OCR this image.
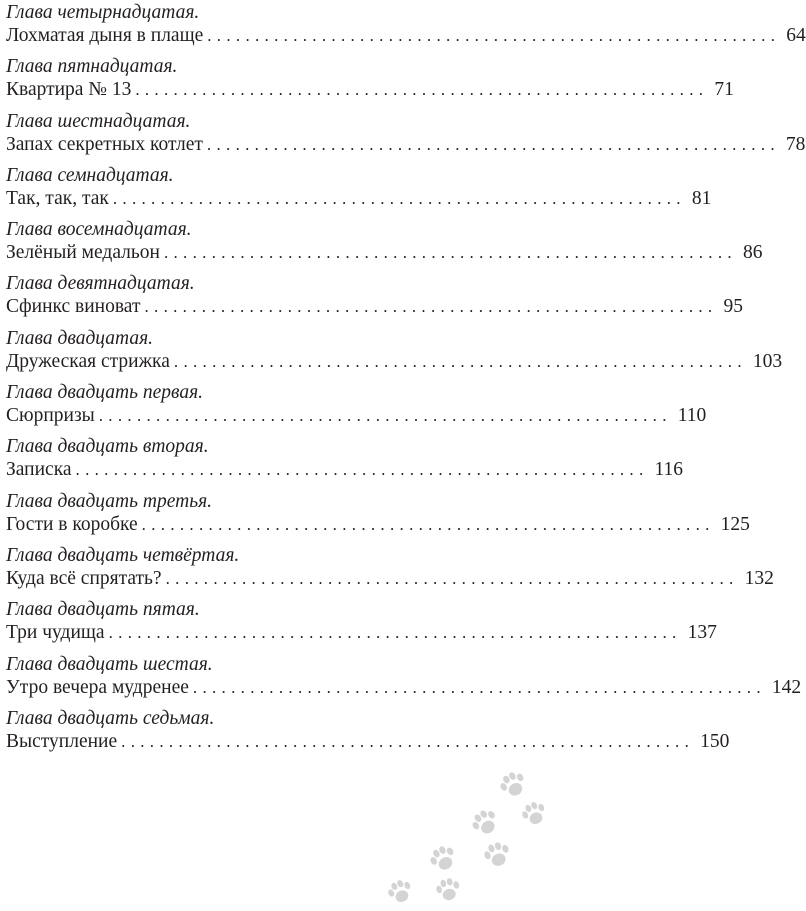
Глава четырнадцатая.
Лохматая дыня в плаще ............................................................ 64
Глава пятнадцатая.
Квартира № 13 ............................................................ 71
Глава шестнадцатая.
Запах секретных котлет ............................................................ 78
Глава семнадцатая.
Так, так, так ............................................................ 81
Глава восемнадцатая.
Зелёный медальон ............................................................ 86
Глава девятнадцатая.
Сфинкс виноват ............................................................ 95
Глава двадцатая.
Дружеская стрижка ............................................................ 103
Глава двадцать первая.
Сюрпризы ............................................................ 110
Глава двадцать вторая.
Записка ............................................................ 116
Глава двадцать третья.
Гости в коробке ............................................................ 125
Глава двадцать четвёртая.
Куда всё спрятать? ............................................................ 132
Глава двадцать пятая.
Три чудища ............................................................ 137
Глава двадцать шестая.
Утро вечера мудренее ............................................................ 142
Глава двадцать седьмая.
Выступление ............................................................ 150
